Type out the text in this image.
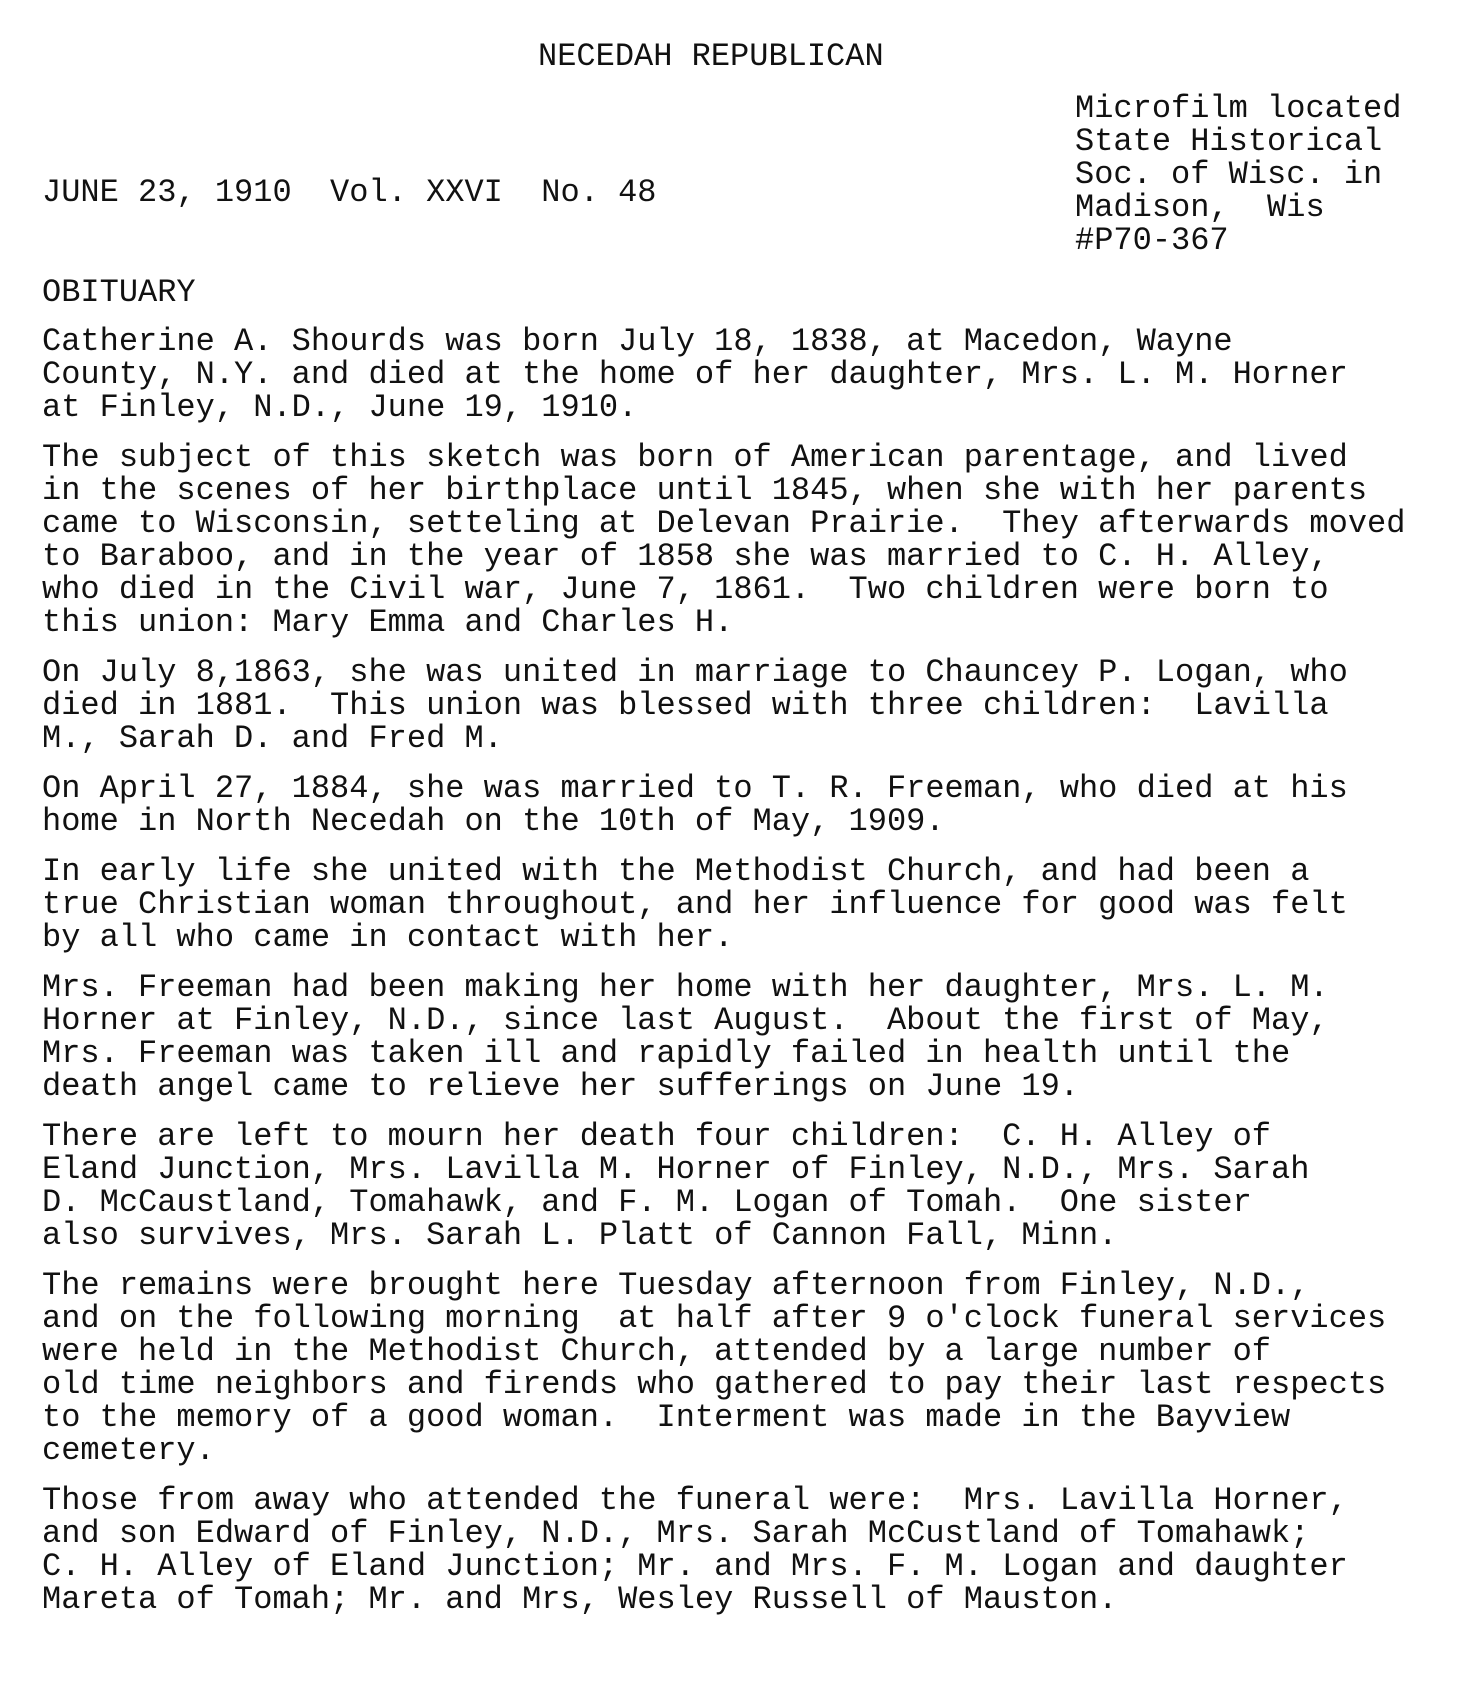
NECEDAH REPUBLICAN
JUNE 23, 1910 Vol. XXVI No. 48
Microfilm located
State Historical
Soc. of Wisc. in
Madison,  Wis
#P70-367
OBITUARY
Catherine A. Shourds was born July 18, 1838, at Macedon, Wayne
County, N.Y. and died at the home of her daughter, Mrs. L. M. Horner
at Finley, N.D., June 19, 1910.
The subject of this sketch was born of American parentage, and lived
in the scenes of her birthplace until 1845, when she with her parents
came to Wisconsin, setteling at Delevan Prairie.  They afterwards moved
to Baraboo, and in the year of 1858 she was married to C. H. Alley,
who died in the Civil war, June 7, 1861.  Two children were born to
this union: Mary Emma and Charles H.
On July 8,1863, she was united in marriage to Chauncey P. Logan, who
died in 1881.  This union was blessed with three children:  Lavilla
M., Sarah D. and Fred M.
On April 27, 1884, she was married to T. R. Freeman, who died at his
home in North Necedah on the 10th of May, 1909.
In early life she united with the Methodist Church, and had been a
true Christian woman throughout, and her influence for good was felt
by all who came in contact with her.
Mrs. Freeman had been making her home with her daughter, Mrs. L. M.
Horner at Finley, N.D., since last August.  About the first of May,
Mrs. Freeman was taken ill and rapidly failed in health until the
death angel came to relieve her sufferings on June 19.
There are left to mourn her death four children:  C. H. Alley of
Eland Junction, Mrs. Lavilla M. Horner of Finley, N.D., Mrs. Sarah
D. McCaustland, Tomahawk, and F. M. Logan of Tomah.  One sister
also survives, Mrs. Sarah L. Platt of Cannon Fall, Minn.
The remains were brought here Tuesday afternoon from Finley, N.D.,
and on the following morning  at half after 9 o'clock funeral services
were held in the Methodist Church, attended by a large number of
old time neighbors and firends who gathered to pay their last respects
to the memory of a good woman.  Interment was made in the Bayview
cemetery.
Those from away who attended the funeral were:  Mrs. Lavilla Horner,
and son Edward of Finley, N.D., Mrs. Sarah McCustland of Tomahawk;
C. H. Alley of Eland Junction; Mr. and Mrs. F. M. Logan and daughter
Mareta of Tomah; Mr. and Mrs, Wesley Russell of Mauston.
